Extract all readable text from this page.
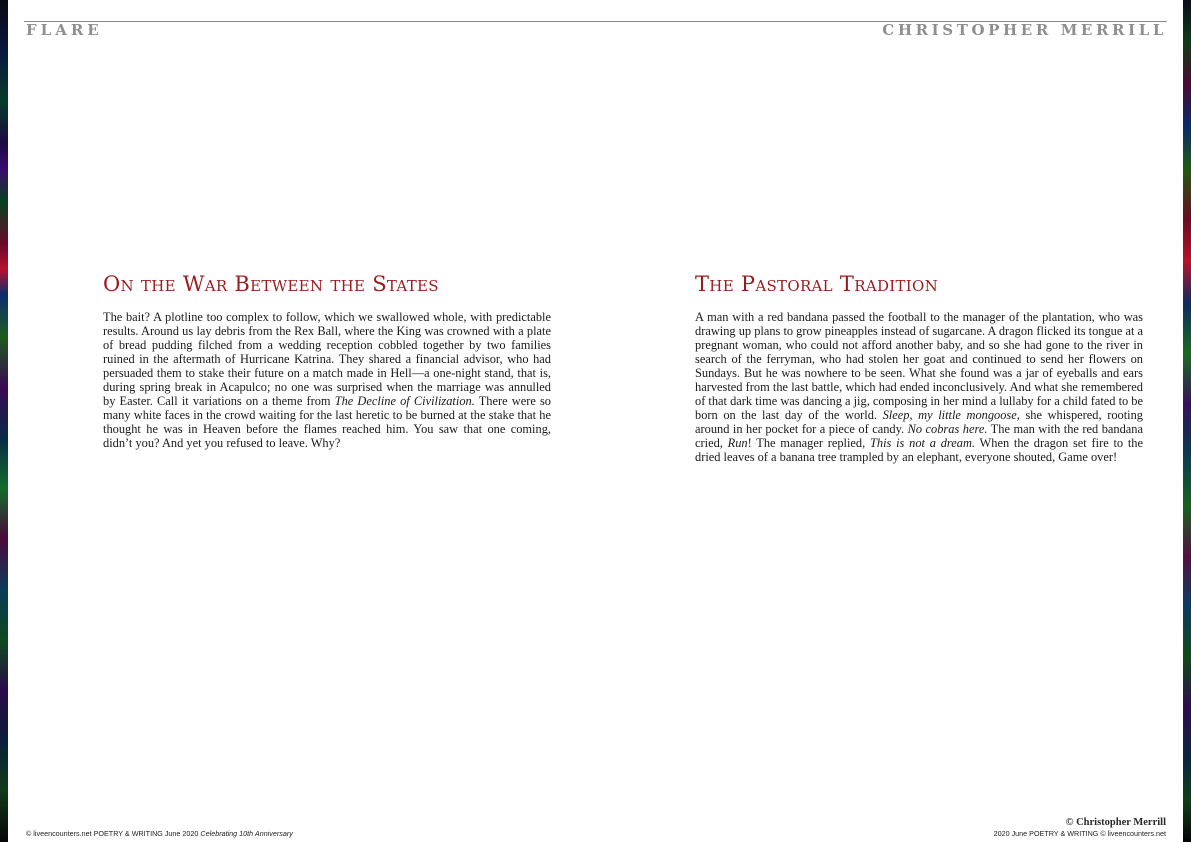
FLARE	CHRISTOPHER MERRILL
On the War Between the States

The bait? A plotline too complex to follow, which we swallowed whole, with predictable results. Around us lay debris from the Rex Ball, where the King was crowned with a plate of bread pudding filched from a wedding reception cobbled together by two families ruined in the aftermath of Hurricane Katrina. They shared a financial advisor, who had persuaded them to stake their future on a match made in Hell—a one-night stand, that is, during spring break in Acapulco; no one was surprised when the marriage was annulled by Easter. Call it variations on a theme from The Decline of Civilization. There were so many white faces in the crowd waiting for the last heretic to be burned at the stake that he thought he was in Heaven before the flames reached him. You saw that one coming, didn’t you? And yet you refused to leave. Why?

The Pastoral Tradition

A man with a red bandana passed the football to the manager of the plantation, who was drawing up plans to grow pineapples instead of sugarcane. A dragon flicked its tongue at a pregnant woman, who could not afford another baby, and so she had gone to the river in search of the ferryman, who had stolen her goat and continued to send her flowers on Sundays. But he was nowhere to be seen. What she found was a jar of eyeballs and ears harvested from the last battle, which had ended inconclusively. And what she remembered of that dark time was dancing a jig, composing in her mind a lullaby for a child fated to be born on the last day of the world. Sleep, my little mongoose, she whispered, rooting around in her pocket for a piece of candy. No cobras here. The man with the red bandana cried, Run! The manager replied, This is not a dream. When the dragon set fire to the dried leaves of a banana tree trampled by an elephant, everyone shouted, Game over!

© liveencounters.net POETRY & WRITING June 2020 Celebrating 10th Anniversary
© Christopher Merrill
2020 June POETRY & WRITING © liveencounters.net
